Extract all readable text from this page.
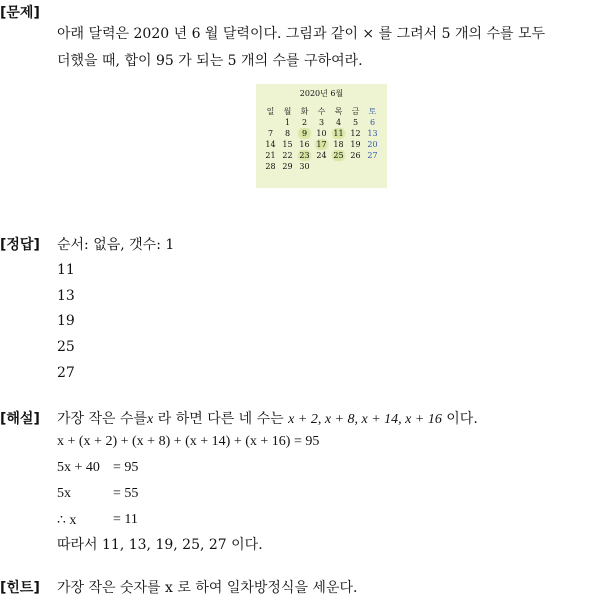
[문제]
아래 달력은 2020 년 6 월 달력이다. 그림과 같이 × 를 그려서 5 개의 수를 모두
더했을 때, 합이 95 가 되는 5 개의 수를 구하여라.
2020년 6월
일	월	화	수	목	금	토
	1	2	3	4	5	6
7	8	9	10	11	12	13
14	15	16	17	18	19	20
21	22	23	24	25	26	27
28	29	30				
[정답] 순서: 없음, 갯수: 1
11
13
19
25
27
[해설] 가장 작은 수를x 라 하면 다른 네 수는 x + 2, x + 8, x + 14, x + 16 이다.
x + (x + 2) + (x + 8) + (x + 14) + (x + 16) = 95
5x + 40 = 95
5x	= 55
∴ x	= 11
따라서 11, 13, 19, 25, 27 이다.
[힌트] 가장 작은 숫자를 x 로 하여 일차방정식을 세운다.
